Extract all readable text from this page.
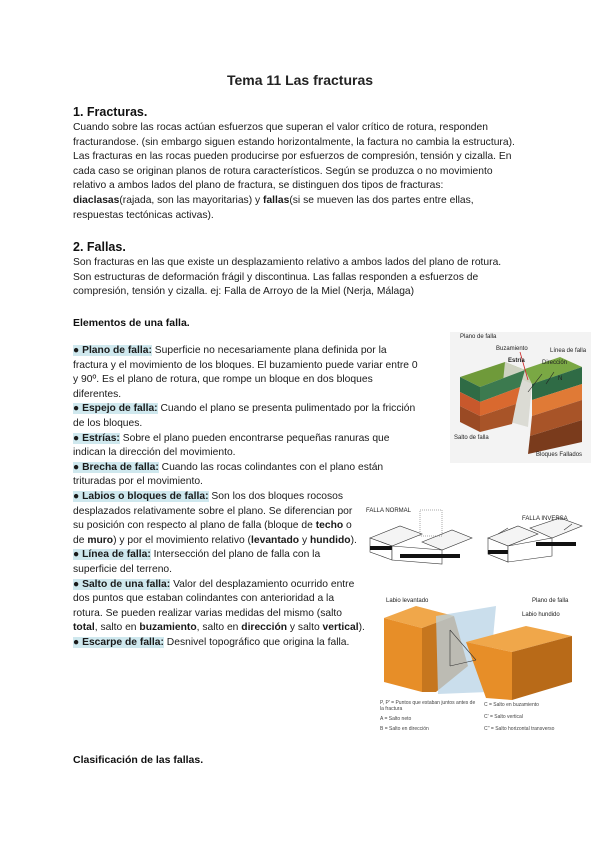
Tema 11 Las fracturas
1. Fracturas.
Cuando sobre las rocas actúan esfuerzos que superan el valor crítico de rotura, responden fracturandose. (sin embargo siguen estando horizontalmente, la factura no cambia la estructura). Las fracturas en las rocas pueden producirse por esfuerzos de compresión, tensión y cizalla. En cada caso se originan planos de rotura característicos. Según se produzca o no movimiento relativo a ambos lados del plano de fractura, se distinguen dos tipos de fracturas: diaclasas(rajada, son las mayoritarias) y fallas(si se mueven las dos partes entre ellas, respuestas tectónicas activas).
2. Fallas.
Son fracturas en las que existe un desplazamiento relativo a ambos lados del plano de rotura. Son estructuras de deformación frágil y discontinua. Las fallas responden a esfuerzos de compresión, tensión y cizalla. ej: Falla de Arroyo de la Miel (Nerja, Málaga)
Elementos de una falla.

● Plano de falla: Superficie no necesariamente plana definida por la fractura y el movimiento de los bloques. El buzamiento puede variar entre 0 y 90º. Es el plano de rotura, que rompe un bloque en dos bloques diferentes.

● Espejo de falla: Cuando el plano se presenta pulimentado por la fricción de los bloques.

● Estrías: Sobre el plano pueden encontrarse pequeñas ranuras que indican la dirección del movimiento.

● Brecha de falla: Cuando las rocas colindantes con el plano están trituradas por el movimiento.

● Labios o bloques de falla: Son los dos bloques rocosos desplazados relativamente sobre el plano. Se diferencian por su posición con respecto al plano de falla (bloque de techo o de muro) y por el movimiento relativo (levantado y hundido).

● Línea de falla: Intersección del plano de falla con la superficie del terreno.

● Salto de una falla: Valor del desplazamiento ocurrido entre dos puntos que estaban colindantes con anterioridad a la rotura. Se pueden realizar varias medidas del mismo (salto total, salto en buzamiento, salto en dirección y salto vertical).

● Escarpe de falla: Desnivel topográfico que origina la falla.

Clasificación de las fallas.
Plano de falla
Buzamiento	Línea de falla
Estría	Dirección
N
Salto de falla
Bloques Fallados
FALLA NORMAL
FALLA INVERSA
Labio levantado	Plano de falla
Labio hundido
P, P' = Puntos que estaban juntos antes de la fractura
C = Salto en buzamiento
A = Salto neto	C' = Salto vertical
B = Salto en dirección	C'' = Salto horizontal transverso
